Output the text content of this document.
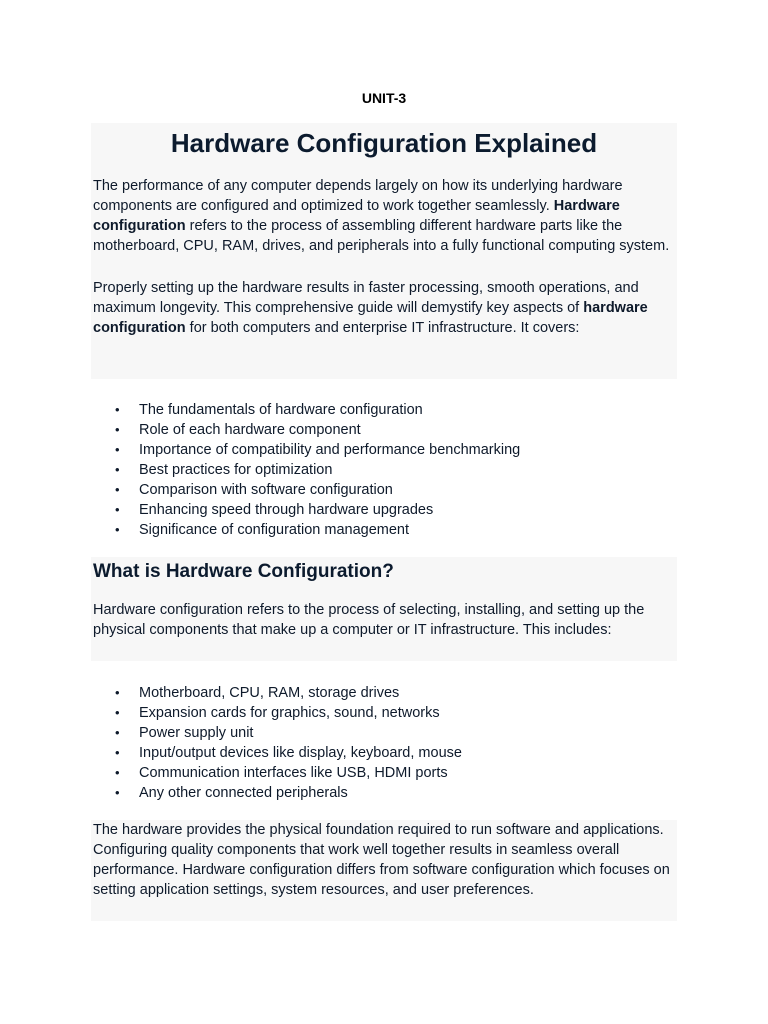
UNIT-3
Hardware Configuration Explained

The performance of any computer depends largely on how its underlying hardware components are configured and optimized to work together seamlessly. Hardware configuration refers to the process of assembling different hardware parts like the motherboard, CPU, RAM, drives, and peripherals into a fully functional computing system.

Properly setting up the hardware results in faster processing, smooth operations, and maximum longevity. This comprehensive guide will demystify key aspects of hardware configuration for both computers and enterprise IT infrastructure. It covers:

• The fundamentals of hardware configuration
• Role of each hardware component
• Importance of compatibility and performance benchmarking
• Best practices for optimization
• Comparison with software configuration
• Enhancing speed through hardware upgrades
• Significance of configuration management
What is Hardware Configuration?

Hardware configuration refers to the process of selecting, installing, and setting up the physical components that make up a computer or IT infrastructure. This includes:

• Motherboard, CPU, RAM, storage drives
• Expansion cards for graphics, sound, networks
• Power supply unit
• Input/output devices like display, keyboard, mouse
• Communication interfaces like USB, HDMI ports
• Any other connected peripherals

The hardware provides the physical foundation required to run software and applications. Configuring quality components that work well together results in seamless overall performance. Hardware configuration differs from software configuration which focuses on setting application settings, system resources, and user preferences.
